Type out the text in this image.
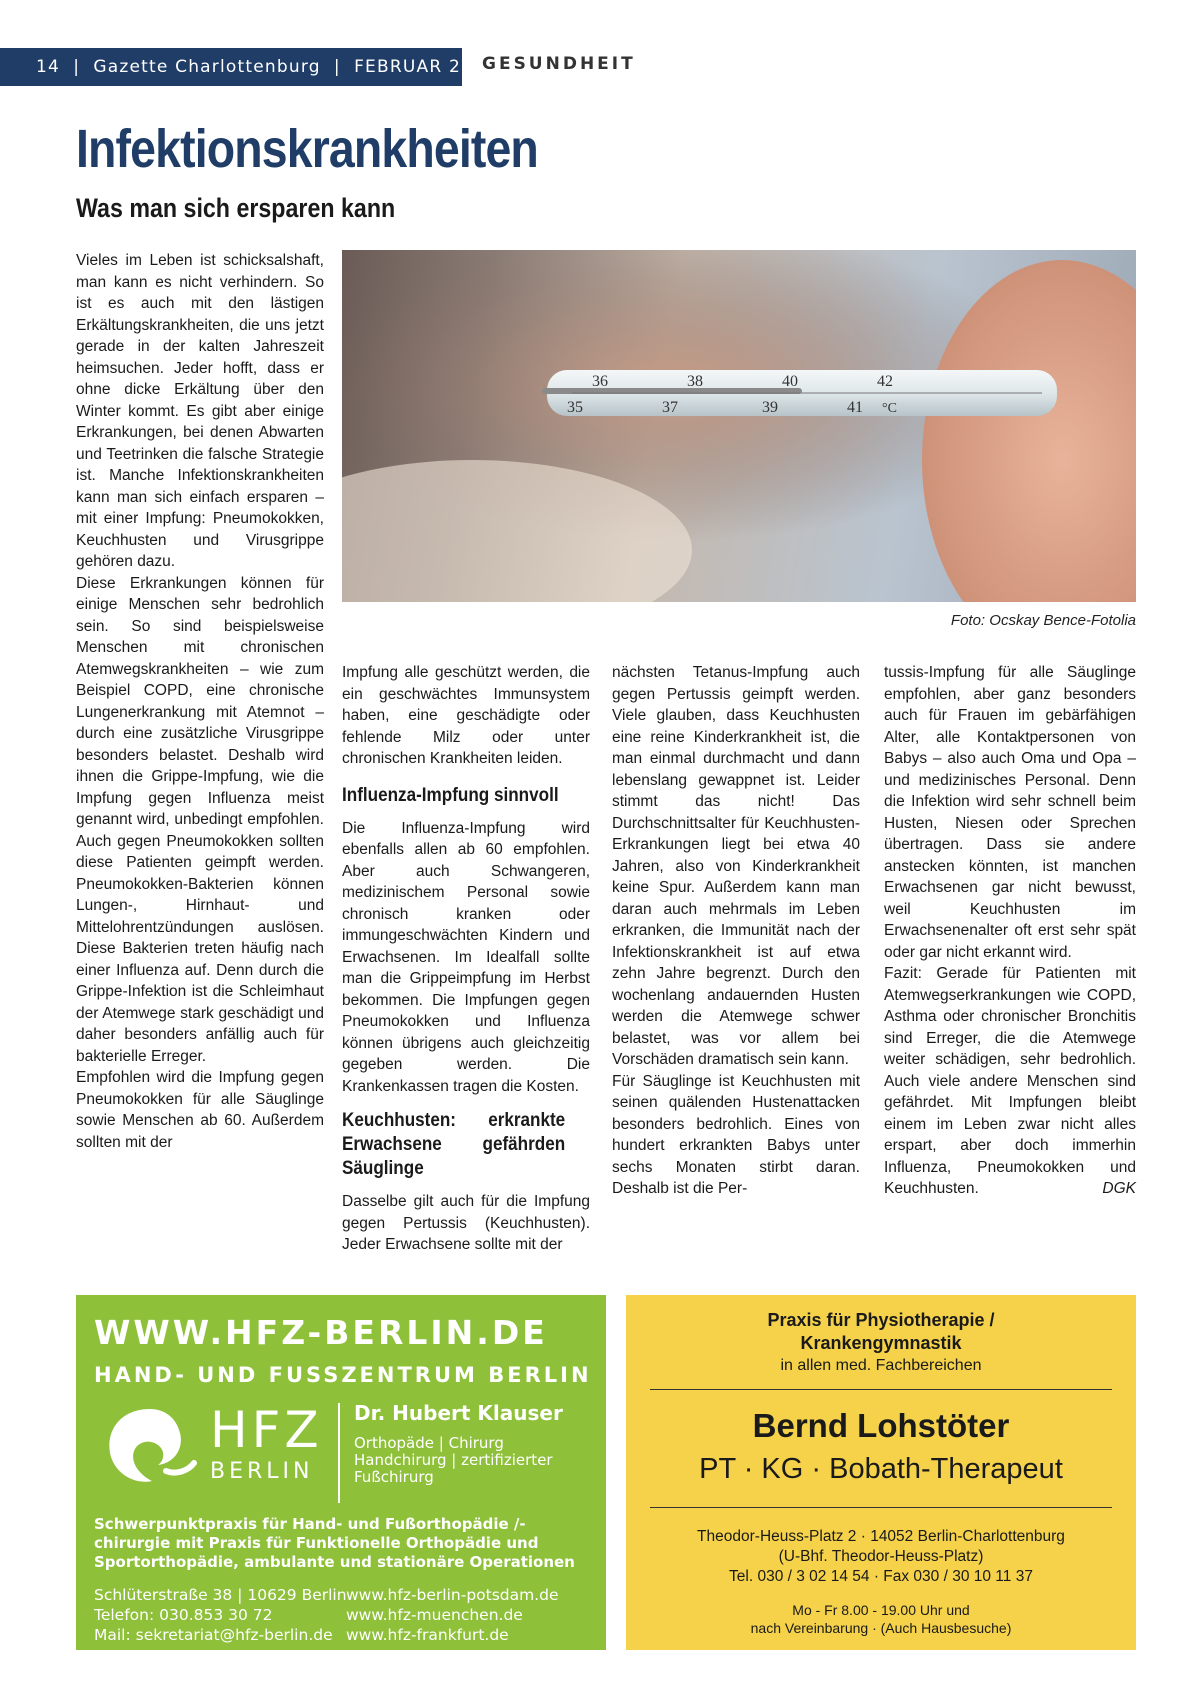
14  |  Gazette Charlottenburg  |  FEBRUAR 2019
GESUNDHEIT
Infektionskrankheiten
Was man sich ersparen kann

Vieles im Leben ist schicksalshaft, man kann es nicht verhindern. So ist es auch mit den lästigen Erkältungskrankheiten, die uns jetzt gerade in der kalten Jahreszeit heimsuchen. Jeder hofft, dass er ohne dicke Erkältung über den Winter kommt. Es gibt aber einige Erkrankungen, bei denen Abwarten und Teetrinken die falsche Strategie ist. Manche Infektionskrankheiten kann man sich einfach ersparen – mit einer Impfung: Pneumokokken, Keuchhusten und Virusgrippe gehören dazu.

Diese Erkrankungen können für einige Menschen sehr bedrohlich sein. So sind beispielsweise Menschen mit chronischen Atemwegskrankheiten – wie zum Beispiel COPD, eine chronische Lungenerkrankung mit Atemnot – durch eine zusätzliche Virusgrippe besonders belastet. Deshalb wird ihnen die Grippe-Impfung, wie die Impfung gegen Influenza meist genannt wird, unbedingt empfohlen. Auch gegen Pneumokokken sollten diese Patienten geimpft werden. Pneumokokken-Bakterien können Lungen-, Hirnhaut- und Mittelohrentzündungen auslösen. Diese Bakterien treten häufig nach einer Influenza auf. Denn durch die Grippe-Infektion ist die Schleimhaut der Atemwege stark geschädigt und daher besonders anfällig auch für bakterielle Erreger.

Empfohlen wird die Impfung gegen Pneumokokken für alle Säuglinge sowie Menschen ab 60. Außerdem sollten mit der

36	38	40	42
35	37	39	41 °C
Foto: Ocskay Bence-Fotolia

Impfung alle geschützt werden, die ein geschwächtes Immunsystem haben, eine geschädigte oder fehlende Milz oder unter chronischen Krankheiten leiden.

Influenza-Impfung sinnvoll

Die Influenza-Impfung wird ebenfalls allen ab 60 empfohlen. Aber auch Schwangeren, medizinischem Personal sowie chronisch kranken oder immungeschwächten Kindern und Erwachsenen. Im Idealfall sollte man die Grippeimpfung im Herbst bekommen. Die Impfungen gegen Pneumokokken und Influenza können übrigens auch gleichzeitig gegeben werden. Die Krankenkassen tragen die Kosten.

Keuchhusten: erkrankte Erwachsene gefährden Säuglinge

Dasselbe gilt auch für die Impfung gegen Pertussis (Keuchhusten). Jeder Erwachsene sollte mit der

nächsten Tetanus-Impfung auch gegen Pertussis geimpft werden. Viele glauben, dass Keuchhusten eine reine Kinderkrankheit ist, die man einmal durchmacht und dann lebenslang gewappnet ist. Leider stimmt das nicht! Das Durchschnittsalter für Keuchhusten-Erkrankungen liegt bei etwa 40 Jahren, also von Kinderkrankheit keine Spur. Außerdem kann man daran auch mehrmals im Leben erkranken, die Immunität nach der Infektionskrankheit ist auf etwa zehn Jahre begrenzt. Durch den wochenlang andauernden Husten werden die Atemwege schwer belastet, was vor allem bei Vorschäden dramatisch sein kann.

Für Säuglinge ist Keuchhusten mit seinen quälenden Hustenattacken besonders bedrohlich. Eines von hundert erkrankten Babys unter sechs Monaten stirbt daran. Deshalb ist die Per-

tussis-Impfung für alle Säuglinge empfohlen, aber ganz besonders auch für Frauen im gebärfähigen Alter, alle Kontaktpersonen von Babys – also auch Oma und Opa – und medizinisches Personal. Denn die Infektion wird sehr schnell beim Husten, Niesen oder Sprechen übertragen. Dass sie andere anstecken könnten, ist manchen Erwachsenen gar nicht bewusst, weil Keuchhusten im Erwachsenenalter oft erst sehr spät oder gar nicht erkannt wird.

Fazit: Gerade für Patienten mit Atemwegserkrankungen wie COPD, Asthma oder chronischer Bronchitis sind Erreger, die die Atemwege weiter schädigen, sehr bedrohlich. Auch viele andere Menschen sind gefährdet. Mit Impfungen bleibt einem im Leben zwar nicht alles erspart, aber doch immerhin Influenza, Pneumokokken und Keuchhusten.	DGK

WWW.HFZ-BERLIN.DE
HAND- UND FUSSZENTRUM BERLIN
HFZ
BERLIN
Dr. Hubert Klauser
Orthopäde | Chirurg Handchirurg | zertifizierter Fußchirurg
Schwerpunktpraxis für Hand- und Fußorthopädie /-chirurgie mit Praxis für Funktionelle Orthopädie und Sportorthopädie, ambulante und stationäre Operationen
Schlüterstraße 38 | 10629 Berlin
Telefon: 030.853 30 72
Mail: sekretariat@hfz-berlin.de
www.hfz-berlin-potsdam.de
www.hfz-muenchen.de
www.hfz-frankfurt.de
Praxis für Physiotherapie / Krankengymnastik
in allen med. Fachbereichen
Bernd Lohstöter
PT · KG · Bobath-Therapeut
Theodor-Heuss-Platz 2 · 14052 Berlin-Charlottenburg
(U-Bhf. Theodor-Heuss-Platz)
Tel. 030 / 3 02 14 54 · Fax 030 / 30 10 11 37
Mo - Fr 8.00 - 19.00 Uhr und
nach Vereinbarung · (Auch Hausbesuche)
